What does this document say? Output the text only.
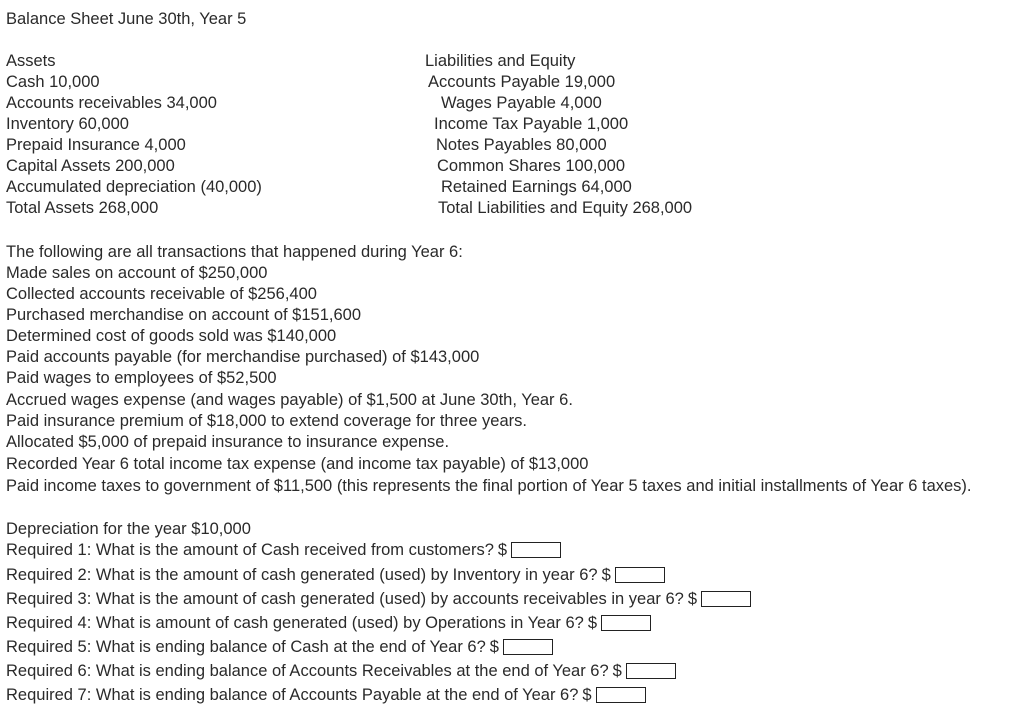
Balance Sheet June 30th, Year 5
Assets
Cash 10,000
Accounts receivables 34,000
Inventory 60,000
Prepaid Insurance 4,000
Capital Assets 200,000
Accumulated depreciation (40,000)
Total Assets 268,000
Liabilities and Equity
Accounts Payable 19,000
Wages Payable 4,000
Income Tax Payable 1,000
Notes Payables 80,000
Common Shares 100,000
Retained Earnings 64,000
Total Liabilities and Equity 268,000
The following are all transactions that happened during Year 6:
Made sales on account of $250,000
Collected accounts receivable of $256,400
Purchased merchandise on account of $151,600
Determined cost of goods sold was $140,000
Paid accounts payable (for merchandise purchased) of $143,000
Paid wages to employees of $52,500
Accrued wages expense (and wages payable) of $1,500 at June 30th, Year 6.
Paid insurance premium of $18,000 to extend coverage for three years.
Allocated $5,000 of prepaid insurance to insurance expense.
Recorded Year 6 total income tax expense (and income tax payable) of $13,000
Paid income taxes to government of $11,500 (this represents the final portion of Year 5 taxes and initial installments of Year 6 taxes).
Depreciation for the year $10,000
Required 1: What is the amount of Cash received from customers? $
Required 2: What is the amount of cash generated (used) by Inventory in year 6? $
Required 3: What is the amount of cash generated (used) by accounts receivables in year 6? $
Required 4: What is amount of cash generated (used) by Operations in Year 6? $
Required 5: What is ending balance of Cash at the end of Year 6? $
Required 6: What is ending balance of Accounts Receivables at the end of Year 6? $
Required 7: What is ending balance of Accounts Payable at the end of Year 6? $
